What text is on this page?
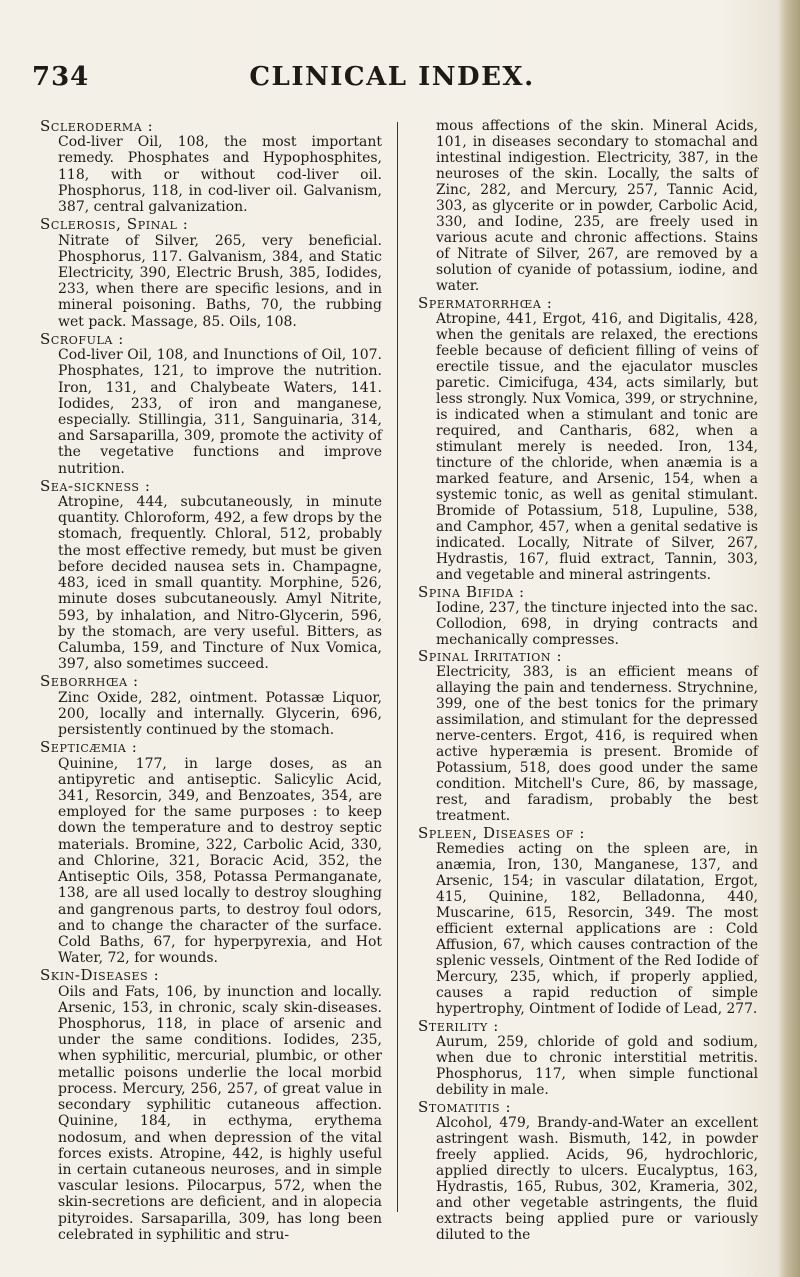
734	CLINICAL INDEX.
Scleroderma :
Cod-liver Oil, 108, the most important remedy. Phosphates and Hypophosphites, 118, with or without cod-liver oil. Phosphorus, 118, in cod-liver oil. Galvanism, 387, central galvanization.
Sclerosis, Spinal :
Nitrate of Silver, 265, very beneficial. Phosphorus, 117. Galvanism, 384, and Static Electricity, 390, Electric Brush, 385, Iodides, 233, when there are specific lesions, and in mineral poisoning. Baths, 70, the rubbing wet pack. Massage, 85. Oils, 108.
Scrofula :
Cod-liver Oil, 108, and Inunctions of Oil, 107. Phosphates, 121, to improve the nutrition. Iron, 131, and Chalybeate Waters, 141. Iodides, 233, of iron and manganese, especially. Stillingia, 311, Sanguinaria, 314, and Sarsaparilla, 309, promote the activity of the vegetative functions and improve nutrition.
Sea-sickness :
Atropine, 444, subcutaneously, in minute quantity. Chloroform, 492, a few drops by the stomach, frequently. Chloral, 512, probably the most effective remedy, but must be given before decided nausea sets in. Champagne, 483, iced in small quantity. Morphine, 526, minute doses subcutaneously. Amyl Nitrite, 593, by inhalation, and Nitro-Glycerin, 596, by the stomach, are very useful. Bitters, as Calumba, 159, and Tincture of Nux Vomica, 397, also sometimes succeed.
Seborrhœa :
Zinc Oxide, 282, ointment. Potassæ Liquor, 200, locally and internally. Glycerin, 696, persistently continued by the stomach.
Septicæmia :
Quinine, 177, in large doses, as an antipyretic and antiseptic. Salicylic Acid, 341, Resorcin, 349, and Benzoates, 354, are employed for the same purposes : to keep down the temperature and to destroy septic materials. Bromine, 322, Carbolic Acid, 330, and Chlorine, 321, Boracic Acid, 352, the Antiseptic Oils, 358, Potassa Permanganate, 138, are all used locally to destroy sloughing and gangrenous parts, to destroy foul odors, and to change the character of the surface. Cold Baths, 67, for hyperpyrexia, and Hot Water, 72, for wounds.
Skin-Diseases :
Oils and Fats, 106, by inunction and locally. Arsenic, 153, in chronic, scaly skin-diseases. Phosphorus, 118, in place of arsenic and under the same conditions. Iodides, 235, when syphilitic, mercurial, plumbic, or other metallic poisons underlie the local morbid process. Mercury, 256, 257, of great value in secondary syphilitic cutaneous affection. Quinine, 184, in ecthyma, erythema nodosum, and when depression of the vital forces exists. Atropine, 442, is highly useful in certain cutaneous neuroses, and in simple vascular lesions. Pilocarpus, 572, when the skin-secretions are deficient, and in alopecia pityroides. Sarsaparilla, 309, has long been celebrated in syphilitic and stru-
mous affections of the skin. Mineral Acids, 101, in diseases secondary to stomachal and intestinal indigestion. Electricity, 387, in the neuroses of the skin. Locally, the salts of Zinc, 282, and Mercury, 257, Tannic Acid, 303, as glycerite or in powder, Carbolic Acid, 330, and Iodine, 235, are freely used in various acute and chronic affections. Stains of Nitrate of Silver, 267, are removed by a solution of cyanide of potassium, iodine, and water.
Spermatorrhœa :
Atropine, 441, Ergot, 416, and Digitalis, 428, when the genitals are relaxed, the erections feeble because of deficient filling of veins of erectile tissue, and the ejaculator muscles paretic. Cimicifuga, 434, acts similarly, but less strongly. Nux Vomica, 399, or strychnine, is indicated when a stimulant and tonic are required, and Cantharis, 682, when a stimulant merely is needed. Iron, 134, tincture of the chloride, when anæmia is a marked feature, and Arsenic, 154, when a systemic tonic, as well as genital stimulant. Bromide of Potassium, 518, Lupuline, 538, and Camphor, 457, when a genital sedative is indicated. Locally, Nitrate of Silver, 267, Hydrastis, 167, fluid extract, Tannin, 303, and vegetable and mineral astringents.
Spina Bifida :
Iodine, 237, the tincture injected into the sac. Collodion, 698, in drying contracts and mechanically compresses.
Spinal Irritation :
Electricity, 383, is an efficient means of allaying the pain and tenderness. Strychnine, 399, one of the best tonics for the primary assimilation, and stimulant for the depressed nerve-centers. Ergot, 416, is required when active hyperæmia is present. Bromide of Potassium, 518, does good under the same condition. Mitchell's Cure, 86, by massage, rest, and faradism, probably the best treatment.
Spleen, Diseases of :
Remedies acting on the spleen are, in anæmia, Iron, 130, Manganese, 137, and Arsenic, 154; in vascular dilatation, Ergot, 415, Quinine, 182, Belladonna, 440, Muscarine, 615, Resorcin, 349. The most efficient external applications are : Cold Affusion, 67, which causes contraction of the splenic vessels, Ointment of the Red Iodide of Mercury, 235, which, if properly applied, causes a rapid reduction of simple hypertrophy, Ointment of Iodide of Lead, 277.
Sterility :
Aurum, 259, chloride of gold and sodium, when due to chronic interstitial metritis. Phosphorus, 117, when simple functional debility in male.
Stomatitis :
Alcohol, 479, Brandy-and-Water an excellent astringent wash. Bismuth, 142, in powder freely applied. Acids, 96, hydrochloric, applied directly to ulcers. Eucalyptus, 163, Hydrastis, 165, Rubus, 302, Krameria, 302, and other vegetable astringents, the fluid extracts being applied pure or variously diluted to the
